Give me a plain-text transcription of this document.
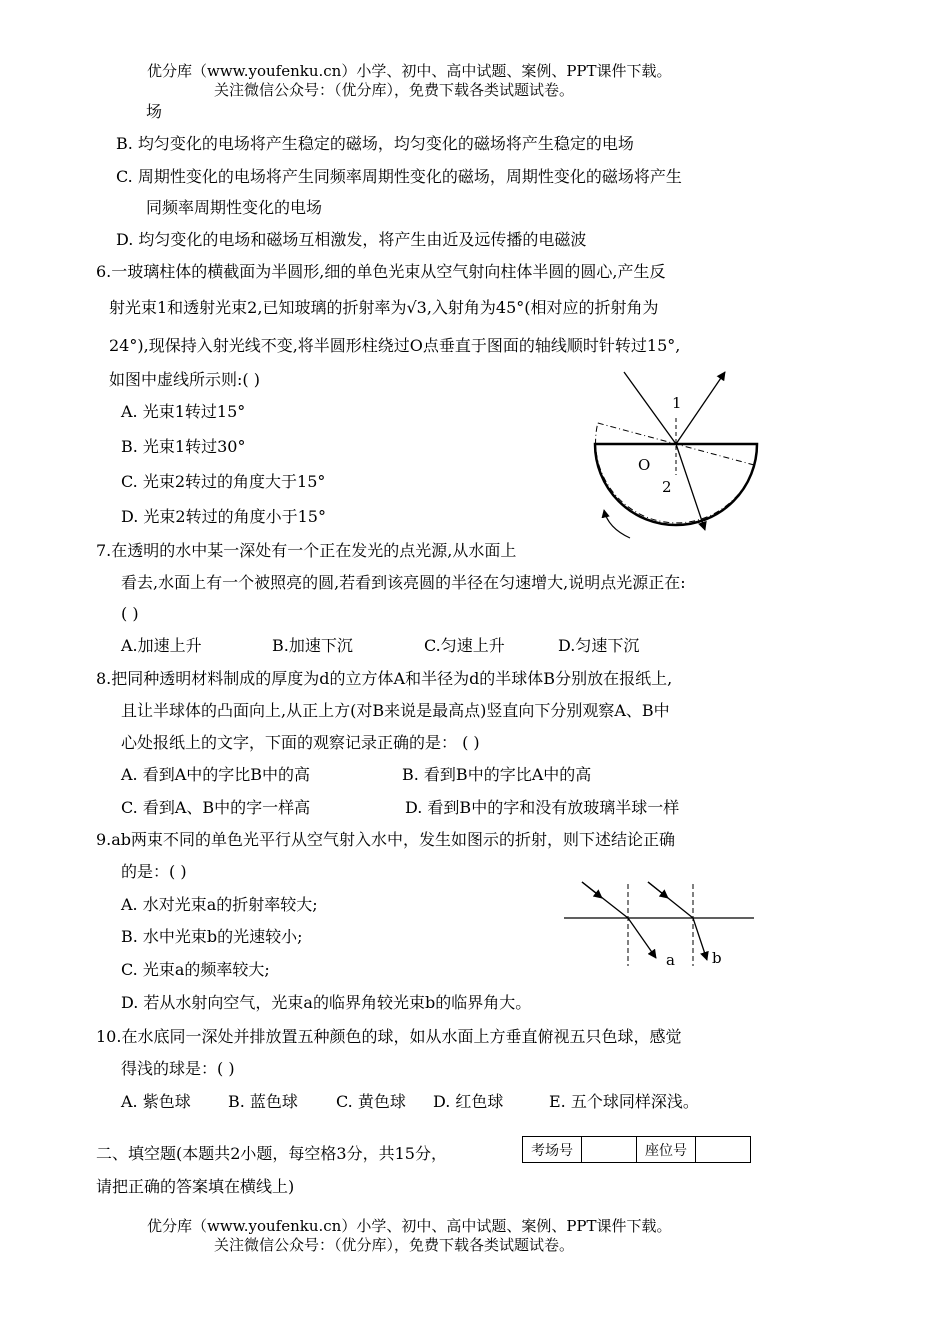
优分库（www.youfenku.cn）小学、初中、高中试题、案例、PPT课件下载。
关注微信公众号：（优分库），免费下载各类试题试卷。
场
B. 均匀变化的电场将产生稳定的磁场，均匀变化的磁场将产生稳定的电场
C. 周期性变化的电场将产生同频率周期性变化的磁场，周期性变化的磁场将产生
同频率周期性变化的电场
D. 均匀变化的电场和磁场互相激发，将产生由近及远传播的电磁波
6.一玻璃柱体的横截面为半圆形,细的单色光束从空气射向柱体半圆的圆心,产生反
射光束1和透射光束2,已知玻璃的折射率为√3,入射角为45°(相对应的折射角为
24°),现保持入射光线不变,将半圆形柱绕过O点垂直于图面的轴线顺时针转过15°,
如图中虚线所示则:( )
A. 光束1转过15°
B. 光束1转过30°
C. 光束2转过的角度大于15°
D. 光束2转过的角度小于15°
1
O
2
7.在透明的水中某一深处有一个正在发光的点光源,从水面上
看去,水面上有一个被照亮的圆,若看到该亮圆的半径在匀速增大,说明点光源正在:
( )
A.加速上升	B.加速下沉	C.匀速上升	D.匀速下沉
8.把同种透明材料制成的厚度为d的立方体A和半径为d的半球体B分别放在报纸上,
且让半球体的凸面向上,从正上方(对B来说是最高点)竖直向下分别观察A、B中
心处报纸上的文字，下面的观察记录正确的是： ( )
A. 看到A中的字比B中的高	B. 看到B中的字比A中的高
C. 看到A、B中的字一样高	D. 看到B中的字和没有放玻璃半球一样
9.ab两束不同的单色光平行从空气射入水中，发生如图示的折射，则下述结论正确
的是：( )
A. 水对光束a的折射率较大;
B. 水中光束b的光速较小;
C. 光束a的频率较大;
D. 若从水射向空气，光束a的临界角较光束b的临界角大。
a b
10.在水底同一深处并排放置五种颜色的球，如从水面上方垂直俯视五只色球，感觉
得浅的球是：( )
A. 紫色球 B. 蓝色球 C. 黄色球 D. 红色球	E. 五个球同样深浅。
二、填空题(本题共2小题，每空格3分，共15分，
请把正确的答案填在横线上)
考场号		座位号	
优分库（www.youfenku.cn）小学、初中、高中试题、案例、PPT课件下载。
关注微信公众号：（优分库），免费下载各类试题试卷。
